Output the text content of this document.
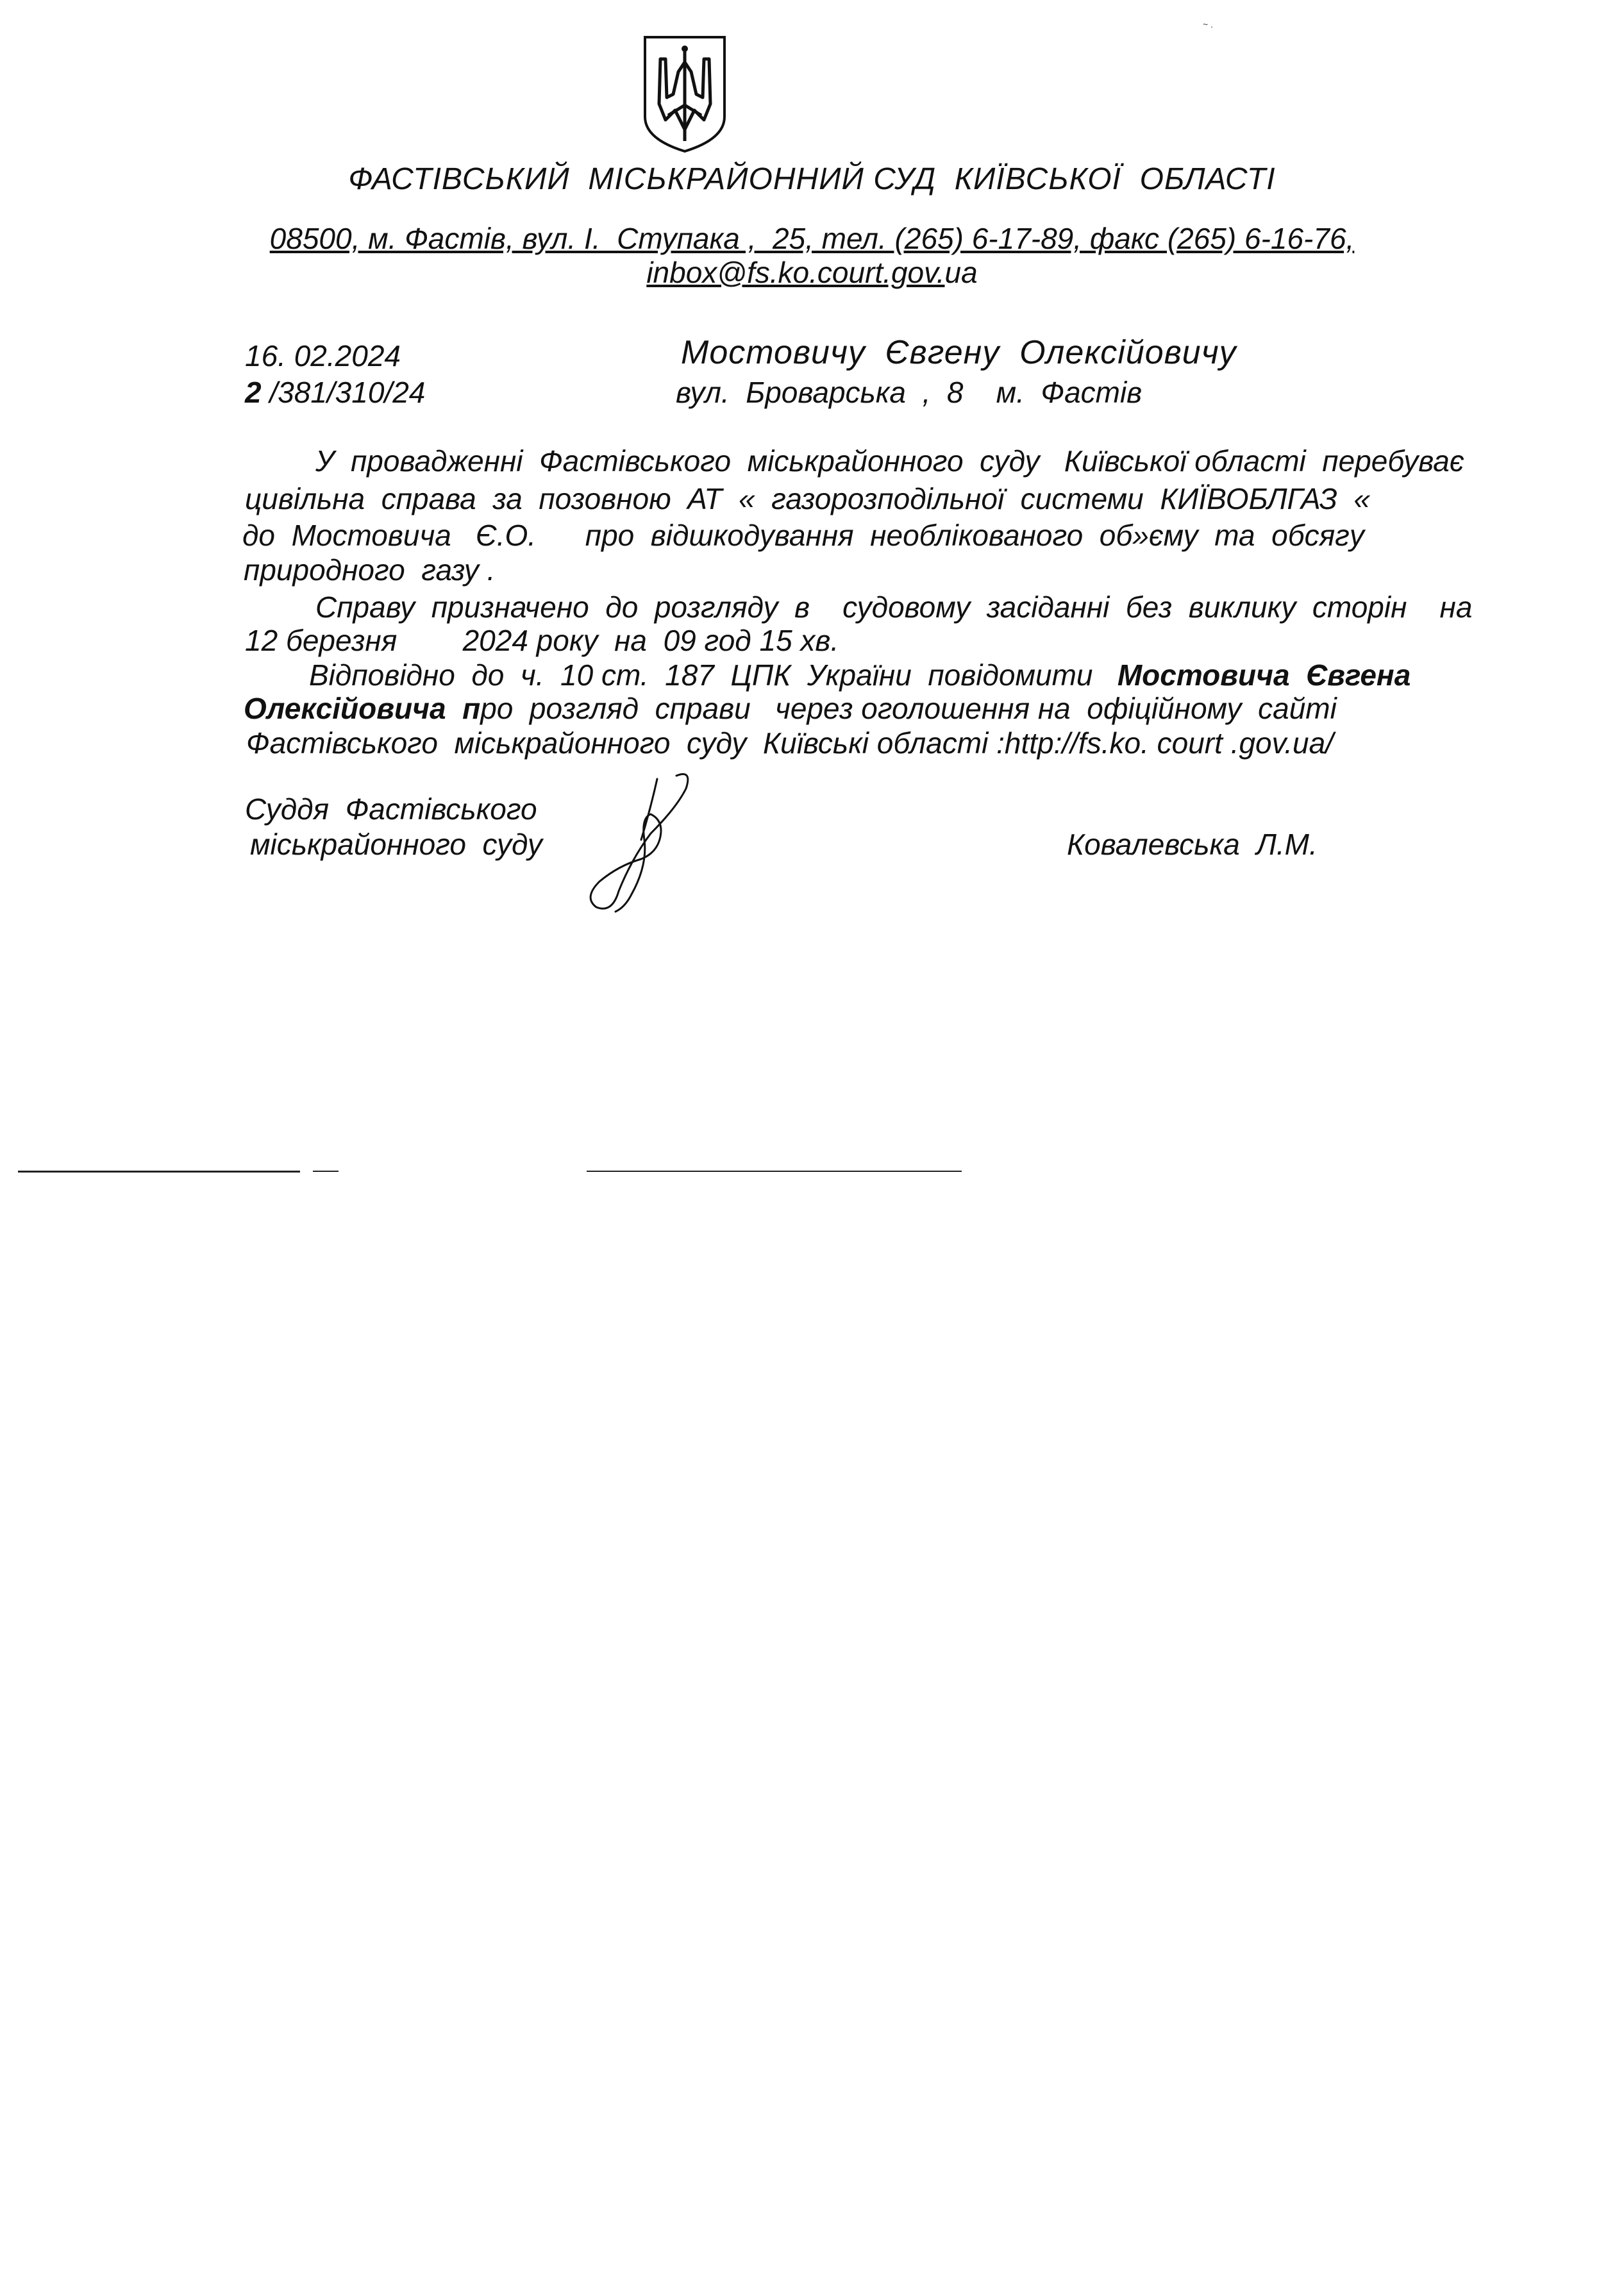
~ .
ФАСТІВСЬКИЙ  МІСЬКРАЙОННИЙ СУД  КИЇВСЬКОЇ  ОБЛАСТІ
08500, м. Фастів, вул. І.  Ступака ,  25, тел. (265) 6-17-89, факс (265) 6-16-76,
inbox@fs.ko.court.gov.ua
16. 02.2024
2 /381/310/24
Мостовичу  Євгену  Олексійовичу
вул.  Броварська  ,  8    м.  Фастів
У  провадженні  Фастівського  міськрайонного  суду   Київської області  перебуває
цивільна  справа  за  позовною  АТ  «  газорозподільної  системи  КИЇВОБЛГАЗ  «
до  Мостовича   Є.О.      про  відшкодування  необлікованого  об»єму  та  обсягу
природного  газу .
Справу  призначено  до  розгляду  в    судовому  засіданні  без  виклику  сторін    на
12 березня        2024 року  на  09 год 15 хв.
Відповідно  до  ч.  10 ст.  187  ЦПК  України  повідомити   Мостовича  Євгена
Олексійовича  про  розгляд  справи   через оголошення на  офіційному  сайті
Фастівського  міськрайонного  суду  Київські області :http://fs.ko. court .gov.ua/
Суддя  Фастівського
міськрайонного  суду	Ковалевська  Л.М.
